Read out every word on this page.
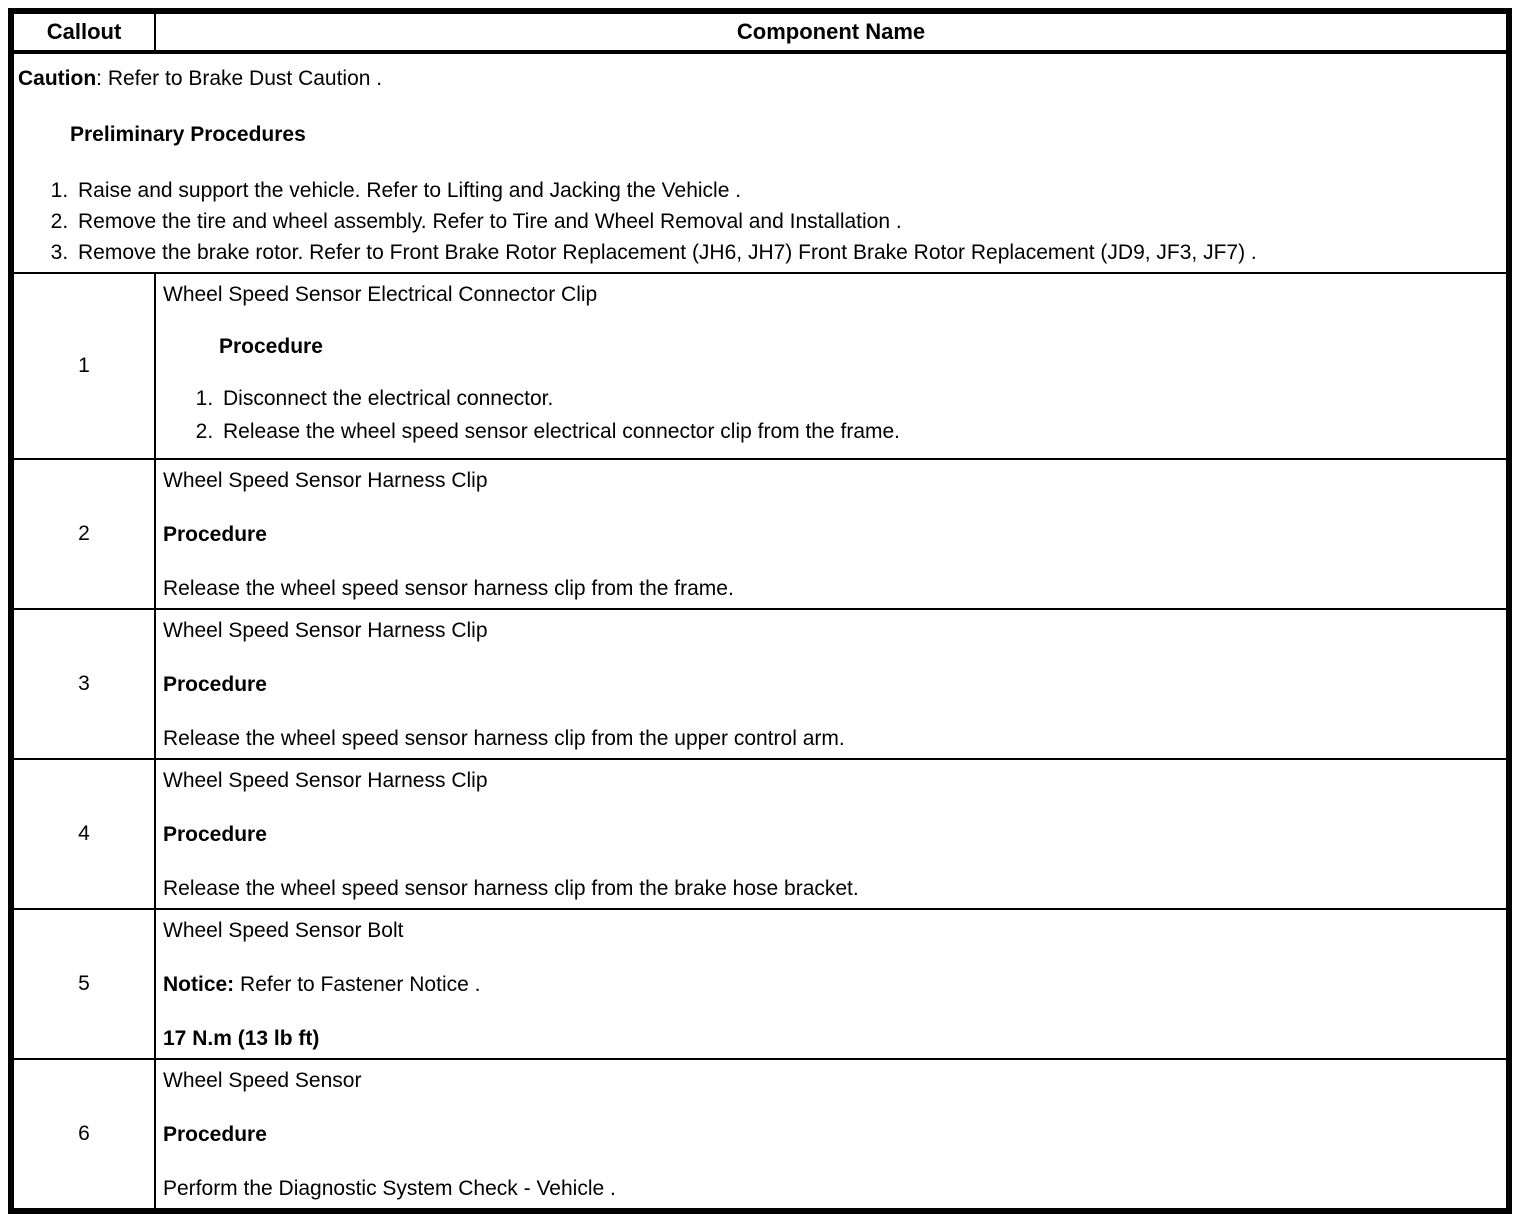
Callout	Component Name

Caution: Refer to Brake Dust Caution .

Preliminary Procedures

1. Raise and support the vehicle. Refer to Lifting and Jacking the Vehicle .
2. Remove the tire and wheel assembly. Refer to Tire and Wheel Removal and Installation .
3. Remove the brake rotor. Refer to Front Brake Rotor Replacement (JH6, JH7) Front Brake Rotor Replacement (JD9, JF3, JF7) .
1

Wheel Speed Sensor Electrical Connector Clip

Procedure

1. Disconnect the electrical connector.
2. Release the wheel speed sensor electrical connector clip from the frame.
2

Wheel Speed Sensor Harness Clip

Procedure

Release the wheel speed sensor harness clip from the frame.

3

Wheel Speed Sensor Harness Clip

Procedure

Release the wheel speed sensor harness clip from the upper control arm.

4

Wheel Speed Sensor Harness Clip

Procedure

Release the wheel speed sensor harness clip from the brake hose bracket.

5

Wheel Speed Sensor Bolt

Notice: Refer to Fastener Notice .

17 N.m (13 lb ft)

6

Wheel Speed Sensor

Procedure

Perform the Diagnostic System Check - Vehicle .
